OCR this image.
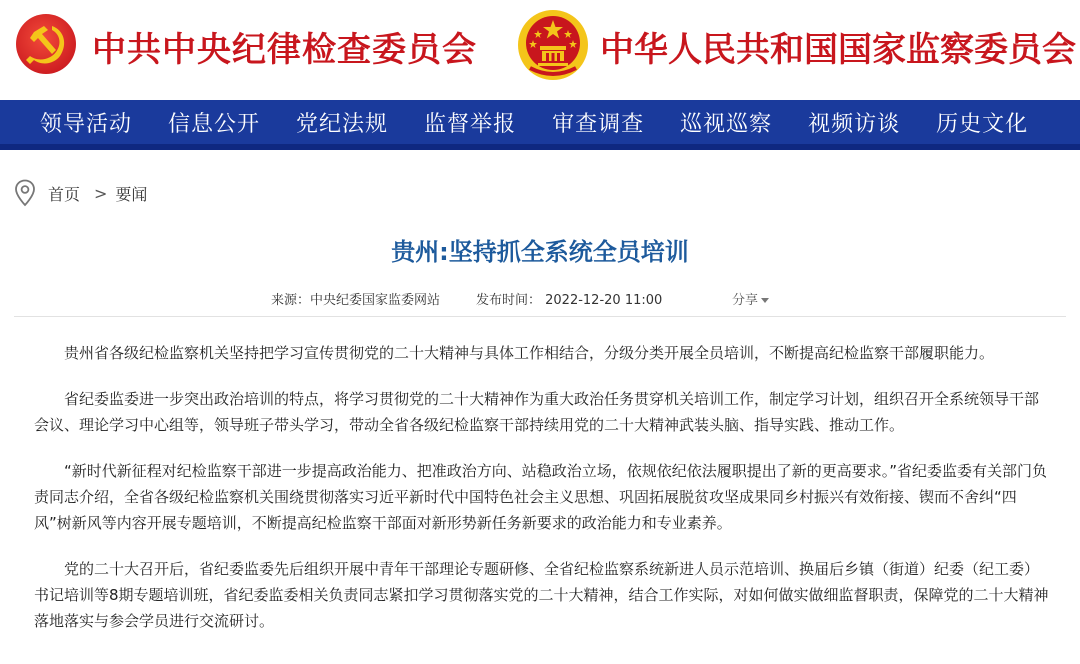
中共中央纪律检查委员会	中华人民共和国国家监察委员会
领导活动 信息公开 党纪法规 监督举报 审查调查 巡视巡察 视频访谈 历史文化
首页 > 要闻
贵州:坚持抓全系统全员培训
来源：中央纪委国家监委网站	发布时间： 2022-12-20 11:00	分享

贵州省各级纪检监察机关坚持把学习宣传贯彻党的二十大精神与具体工作相结合，分级分类开展全员培训，不断提高纪检监察干部履职能力。

省纪委监委进一步突出政治培训的特点，将学习贯彻党的二十大精神作为重大政治任务贯穿机关培训工作，制定学习计划，组织召开全系统领导干部会议、理论学习中心组等，领导班子带头学习，带动全省各级纪检监察干部持续用党的二十大精神武装头脑、指导实践、推动工作。

“新时代新征程对纪检监察干部进一步提高政治能力、把准政治方向、站稳政治立场，依规依纪依法履职提出了新的更高要求。”省纪委监委有关部门负责同志介绍，全省各级纪检监察机关围绕贯彻落实习近平新时代中国特色社会主义思想、巩固拓展脱贫攻坚成果同乡村振兴有效衔接、锲而不舍纠“四风”树新风等内容开展专题培训，不断提高纪检监察干部面对新形势新任务新要求的政治能力和专业素养。

党的二十大召开后，省纪委监委先后组织开展中青年干部理论专题研修、全省纪检监察系统新进人员示范培训、换届后乡镇（街道）纪委（纪工委）书记培训等8期专题培训班，省纪委监委相关负责同志紧扣学习贯彻落实党的二十大精神，结合工作实际，对如何做实做细监督职责，保障党的二十大精神落地落实与参会学员进行交流研讨。
